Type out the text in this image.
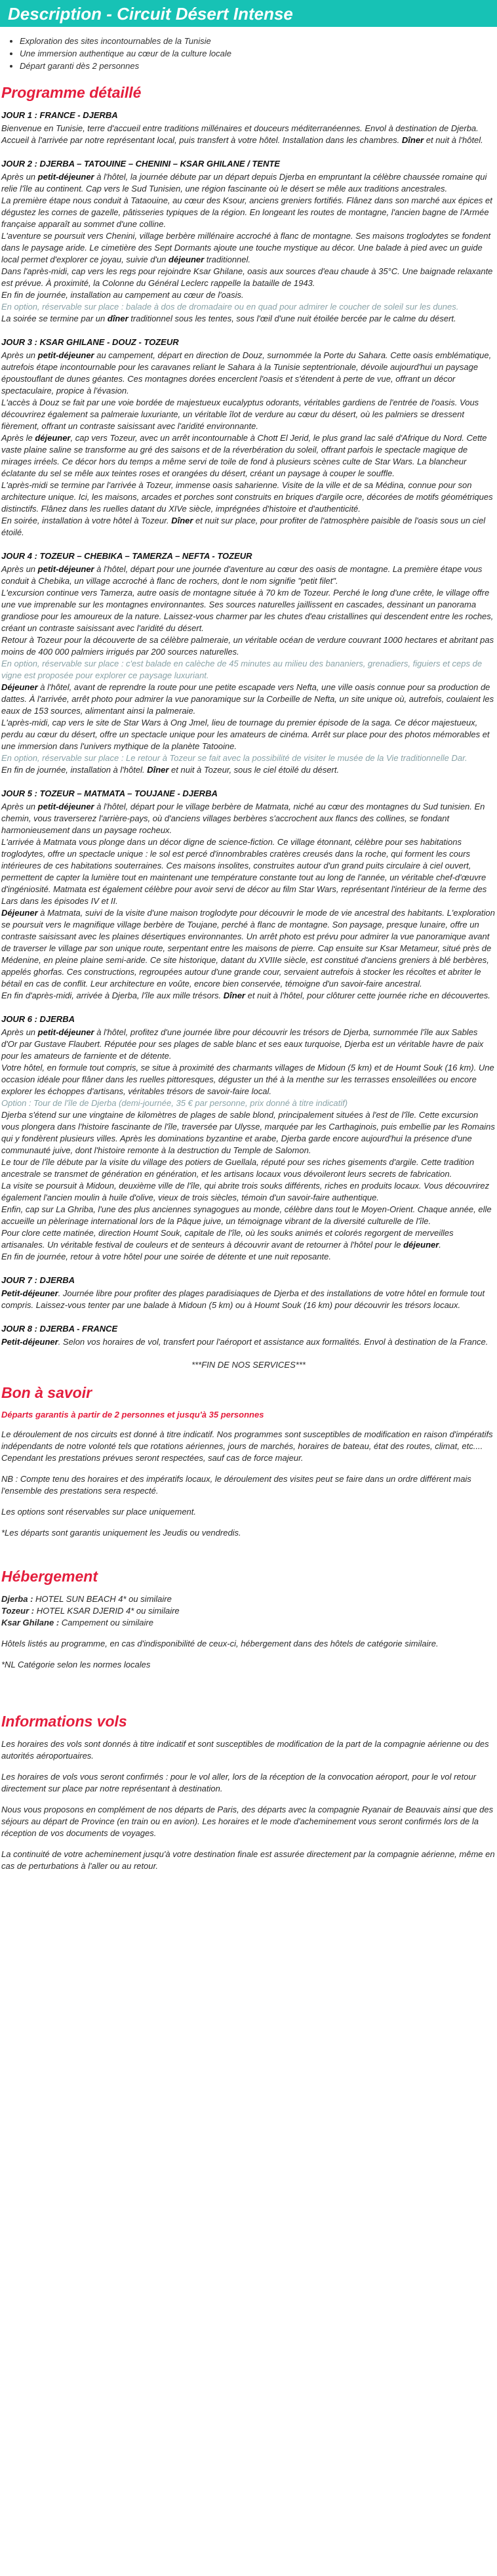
Description - Circuit Désert Intense
• Exploration des sites incontournables de la Tunisie
• Une immersion authentique au cœur de la culture locale
• Départ garanti dès 2 personnes
Programme détaillé
JOUR 1 : FRANCE - DJERBA

Bienvenue en Tunisie, terre d'accueil entre traditions millénaires et douceurs méditerranéennes. Envol à destination de Djerba. Accueil à l'arrivée par notre représentant local, puis transfert à votre hôtel. Installation dans les chambres. Dîner et nuit à l'hôtel.

JOUR 2 : DJERBA – TATOUINE – CHENINI – KSAR GHILANE / TENTE

Après un petit-déjeuner à l'hôtel, la journée débute par un départ depuis Djerba en empruntant la célèbre chaussée romaine qui relie l'île au continent. Cap vers le Sud Tunisien, une région fascinante où le désert se mêle aux traditions ancestrales.

La première étape nous conduit à Tataouine, au cœur des Ksour, anciens greniers fortifiés. Flânez dans son marché aux épices et dégustez les cornes de gazelle, pâtisseries typiques de la région. En longeant les routes de montagne, l'ancien bagne de l'Armée française apparaît au sommet d'une colline.

L'aventure se poursuit vers Chenini, village berbère millénaire accroché à flanc de montagne. Ses maisons troglodytes se fondent dans le paysage aride. Le cimetière des Sept Dormants ajoute une touche mystique au décor. Une balade à pied avec un guide local permet d'explorer ce joyau, suivie d'un déjeuner traditionnel.

Dans l'après-midi, cap vers les regs pour rejoindre Ksar Ghilane, oasis aux sources d'eau chaude à 35°C. Une baignade relaxante est prévue. À proximité, la Colonne du Général Leclerc rappelle la bataille de 1943.

En fin de journée, installation au campement au cœur de l'oasis.

En option, réservable sur place : balade à dos de dromadaire ou en quad pour admirer le coucher de soleil sur les dunes.

La soirée se termine par un dîner traditionnel sous les tentes, sous l'œil d'une nuit étoilée bercée par le calme du désert.

JOUR 3 : KSAR GHILANE - DOUZ - TOZEUR

Après un petit-déjeuner au campement, départ en direction de Douz, surnommée la Porte du Sahara. Cette oasis emblématique, autrefois étape incontournable pour les caravanes reliant le Sahara à la Tunisie septentrionale, dévoile aujourd'hui un paysage époustouflant de dunes géantes. Ces montagnes dorées encerclent l'oasis et s'étendent à perte de vue, offrant un décor spectaculaire, propice à l'évasion.

L'accès à Douz se fait par une voie bordée de majestueux eucalyptus odorants, véritables gardiens de l'entrée de l'oasis. Vous découvrirez également sa palmeraie luxuriante, un véritable îlot de verdure au cœur du désert, où les palmiers se dressent fièrement, offrant un contraste saisissant avec l'aridité environnante.

Après le déjeuner, cap vers Tozeur, avec un arrêt incontournable à Chott El Jerid, le plus grand lac salé d'Afrique du Nord. Cette vaste plaine saline se transforme au gré des saisons et de la réverbération du soleil, offrant parfois le spectacle magique de mirages irréels. Ce décor hors du temps a même servi de toile de fond à plusieurs scènes culte de Star Wars. La blancheur éclatante du sel se mêle aux teintes roses et orangées du désert, créant un paysage à couper le souffle.

L'après-midi se termine par l'arrivée à Tozeur, immense oasis saharienne. Visite de la ville et de sa Médina, connue pour son architecture unique. Ici, les maisons, arcades et porches sont construits en briques d'argile ocre, décorées de motifs géométriques distinctifs. Flânez dans les ruelles datant du XIVe siècle, imprégnées d'histoire et d'authenticité.

En soirée, installation à votre hôtel à Tozeur. Dîner et nuit sur place, pour profiter de l'atmosphère paisible de l'oasis sous un ciel étoilé.

JOUR 4 : TOZEUR – CHEBIKA – TAMERZA – NEFTA - TOZEUR

Après un petit-déjeuner à l'hôtel, départ pour une journée d'aventure au cœur des oasis de montagne. La première étape vous conduit à Chebika, un village accroché à flanc de rochers, dont le nom signifie "petit filet".

L'excursion continue vers Tamerza, autre oasis de montagne située à 70 km de Tozeur. Perché le long d'une crête, le village offre une vue imprenable sur les montagnes environnantes. Ses sources naturelles jaillissent en cascades, dessinant un panorama grandiose pour les amoureux de la nature. Laissez-vous charmer par les chutes d'eau cristallines qui descendent entre les roches, créant un contraste saisissant avec l'aridité du désert.

Retour à Tozeur pour la découverte de sa célèbre palmeraie, un véritable océan de verdure couvrant 1000 hectares et abritant pas moins de 400 000 palmiers irrigués par 200 sources naturelles.

En option, réservable sur place : c'est balade en calèche de 45 minutes au milieu des bananiers, grenadiers, figuiers et ceps de vigne est proposée pour explorer ce paysage luxuriant.

Déjeuner à l'hôtel, avant de reprendre la route pour une petite escapade vers Nefta, une ville oasis connue pour sa production de dattes. À l'arrivée, arrêt photo pour admirer la vue panoramique sur la Corbeille de Nefta, un site unique où, autrefois, coulaient les eaux de 153 sources, alimentant ainsi la palmeraie.

L'après-midi, cap vers le site de Star Wars à Ong Jmel, lieu de tournage du premier épisode de la saga. Ce décor majestueux, perdu au cœur du désert, offre un spectacle unique pour les amateurs de cinéma. Arrêt sur place pour des photos mémorables et une immersion dans l'univers mythique de la planète Tatooine.

En option, réservable sur place : Le retour à Tozeur se fait avec la possibilité de visiter le musée de la Vie traditionnelle Dar.

En fin de journée, installation à l'hôtel. Dîner et nuit à Tozeur, sous le ciel étoilé du désert.

JOUR 5 : TOZEUR – MATMATA – TOUJANE - DJERBA

Après un petit-déjeuner à l'hôtel, départ pour le village berbère de Matmata, niché au cœur des montagnes du Sud tunisien. En chemin, vous traverserez l'arrière-pays, où d'anciens villages berbères s'accrochent aux flancs des collines, se fondant harmonieusement dans un paysage rocheux.

L'arrivée à Matmata vous plonge dans un décor digne de science-fiction. Ce village étonnant, célèbre pour ses habitations troglodytes, offre un spectacle unique : le sol est percé d'innombrables cratères creusés dans la roche, qui forment les cours intérieures de ces habitations souterraines. Ces maisons insolites, construites autour d'un grand puits circulaire à ciel ouvert, permettent de capter la lumière tout en maintenant une température constante tout au long de l'année, un véritable chef-d'œuvre d'ingéniosité. Matmata est également célèbre pour avoir servi de décor au film Star Wars, représentant l'intérieur de la ferme des Lars dans les épisodes IV et II.

Déjeuner à Matmata, suivi de la visite d'une maison troglodyte pour découvrir le mode de vie ancestral des habitants. L'exploration se poursuit vers le magnifique village berbère de Toujane, perché à flanc de montagne. Son paysage, presque lunaire, offre un contraste saisissant avec les plaines désertiques environnantes. Un arrêt photo est prévu pour admirer la vue panoramique avant de traverser le village par son unique route, serpentant entre les maisons de pierre. Cap ensuite sur Ksar Metameur, situé près de Médenine, en pleine plaine semi-aride. Ce site historique, datant du XVIIIe siècle, est constitué d'anciens greniers à blé berbères, appelés ghorfas. Ces constructions, regroupées autour d'une grande cour, servaient autrefois à stocker les récoltes et abriter le bétail en cas de conflit. Leur architecture en voûte, encore bien conservée, témoigne d'un savoir-faire ancestral.

En fin d'après-midi, arrivée à Djerba, l'île aux mille trésors. Dîner et nuit à l'hôtel, pour clôturer cette journée riche en découvertes.

JOUR 6 : DJERBA

Après un petit-déjeuner à l'hôtel, profitez d'une journée libre pour découvrir les trésors de Djerba, surnommée l'île aux Sables d'Or par Gustave Flaubert. Réputée pour ses plages de sable blanc et ses eaux turquoise, Djerba est un véritable havre de paix pour les amateurs de farniente et de détente.

Votre hôtel, en formule tout compris, se situe à proximité des charmants villages de Midoun (5 km) et de Houmt Souk (16 km). Une occasion idéale pour flâner dans les ruelles pittoresques, déguster un thé à la menthe sur les terrasses ensoleillées ou encore explorer les échoppes d'artisans, véritables trésors de savoir-faire local.

Option : Tour de l'île de Djerba (demi-journée, 35 € par personne, prix donné à titre indicatif)

Djerba s'étend sur une vingtaine de kilomètres de plages de sable blond, principalement situées à l'est de l'île. Cette excursion vous plongera dans l'histoire fascinante de l'île, traversée par Ulysse, marquée par les Carthaginois, puis embellie par les Romains qui y fondèrent plusieurs villes. Après les dominations byzantine et arabe, Djerba garde encore aujourd'hui la présence d'une communauté juive, dont l'histoire remonte à la destruction du Temple de Salomon.

Le tour de l'île débute par la visite du village des potiers de Guellala, réputé pour ses riches gisements d'argile. Cette tradition ancestrale se transmet de génération en génération, et les artisans locaux vous dévoileront leurs secrets de fabrication.

La visite se poursuit à Midoun, deuxième ville de l'île, qui abrite trois souks différents, riches en produits locaux. Vous découvrirez également l'ancien moulin à huile d'olive, vieux de trois siècles, témoin d'un savoir-faire authentique.

Enfin, cap sur La Ghriba, l'une des plus anciennes synagogues au monde, célèbre dans tout le Moyen-Orient. Chaque année, elle accueille un pèlerinage international lors de la Pâque juive, un témoignage vibrant de la diversité culturelle de l'île.

Pour clore cette matinée, direction Houmt Souk, capitale de l'île, où les souks animés et colorés regorgent de merveilles artisanales. Un véritable festival de couleurs et de senteurs à découvrir avant de retourner à l'hôtel pour le déjeuner.

En fin de journée, retour à votre hôtel pour une soirée de détente et une nuit reposante.

JOUR 7 : DJERBA

Petit-déjeuner. Journée libre pour profiter des plages paradisiaques de Djerba et des installations de votre hôtel en formule tout compris. Laissez-vous tenter par une balade à Midoun (5 km) ou à Houmt Souk (16 km) pour découvrir les trésors locaux.

JOUR 8 : DJERBA - FRANCE

Petit-déjeuner. Selon vos horaires de vol, transfert pour l'aéroport et assistance aux formalités. Envol à destination de la France.

***FIN DE NOS SERVICES***
Bon à savoir
Départs garantis à partir de 2 personnes et jusqu'à 35 personnes
Le déroulement de nos circuits est donné à titre indicatif. Nos programmes sont susceptibles de modification en raison d'impératifs indépendants de notre volonté tels que rotations aériennes, jours de marchés, horaires de bateau, état des routes, climat, etc.... Cependant les prestations prévues seront respectées, sauf cas de force majeur.
NB : Compte tenu des horaires et des impératifs locaux, le déroulement des visites peut se faire dans un ordre différent mais l'ensemble des prestations sera respecté.
Les options sont réservables sur place uniquement.
*Les départs sont garantis uniquement les Jeudis ou vendredis.
Hébergement

Djerba : HOTEL SUN BEACH 4* ou similaire

Tozeur : HOTEL KSAR DJERID 4* ou similaire

Ksar Ghilane : Campement ou similaire

Hôtels listés au programme, en cas d'indisponibilité de ceux-ci, hébergement dans des hôtels de catégorie similaire.
*NL Catégorie selon les normes locales
Informations vols
Les horaires des vols sont donnés à titre indicatif et sont susceptibles de modification de la part de la compagnie aérienne ou des autorités aéroportuaires.
Les horaires de vols vous seront confirmés : pour le vol aller, lors de la réception de la convocation aéroport, pour le vol retour directement sur place par notre représentant à destination.
Nous vous proposons en complément de nos départs de Paris, des départs avec la compagnie Ryanair de Beauvais ainsi que des séjours au départ de Province (en train ou en avion). Les horaires et le mode d'acheminement vous seront confirmés lors de la réception de vos documents de voyages.
La continuité de votre acheminement jusqu'à votre destination finale est assurée directement par la compagnie aérienne, même en cas de perturbations à l'aller ou au retour.
